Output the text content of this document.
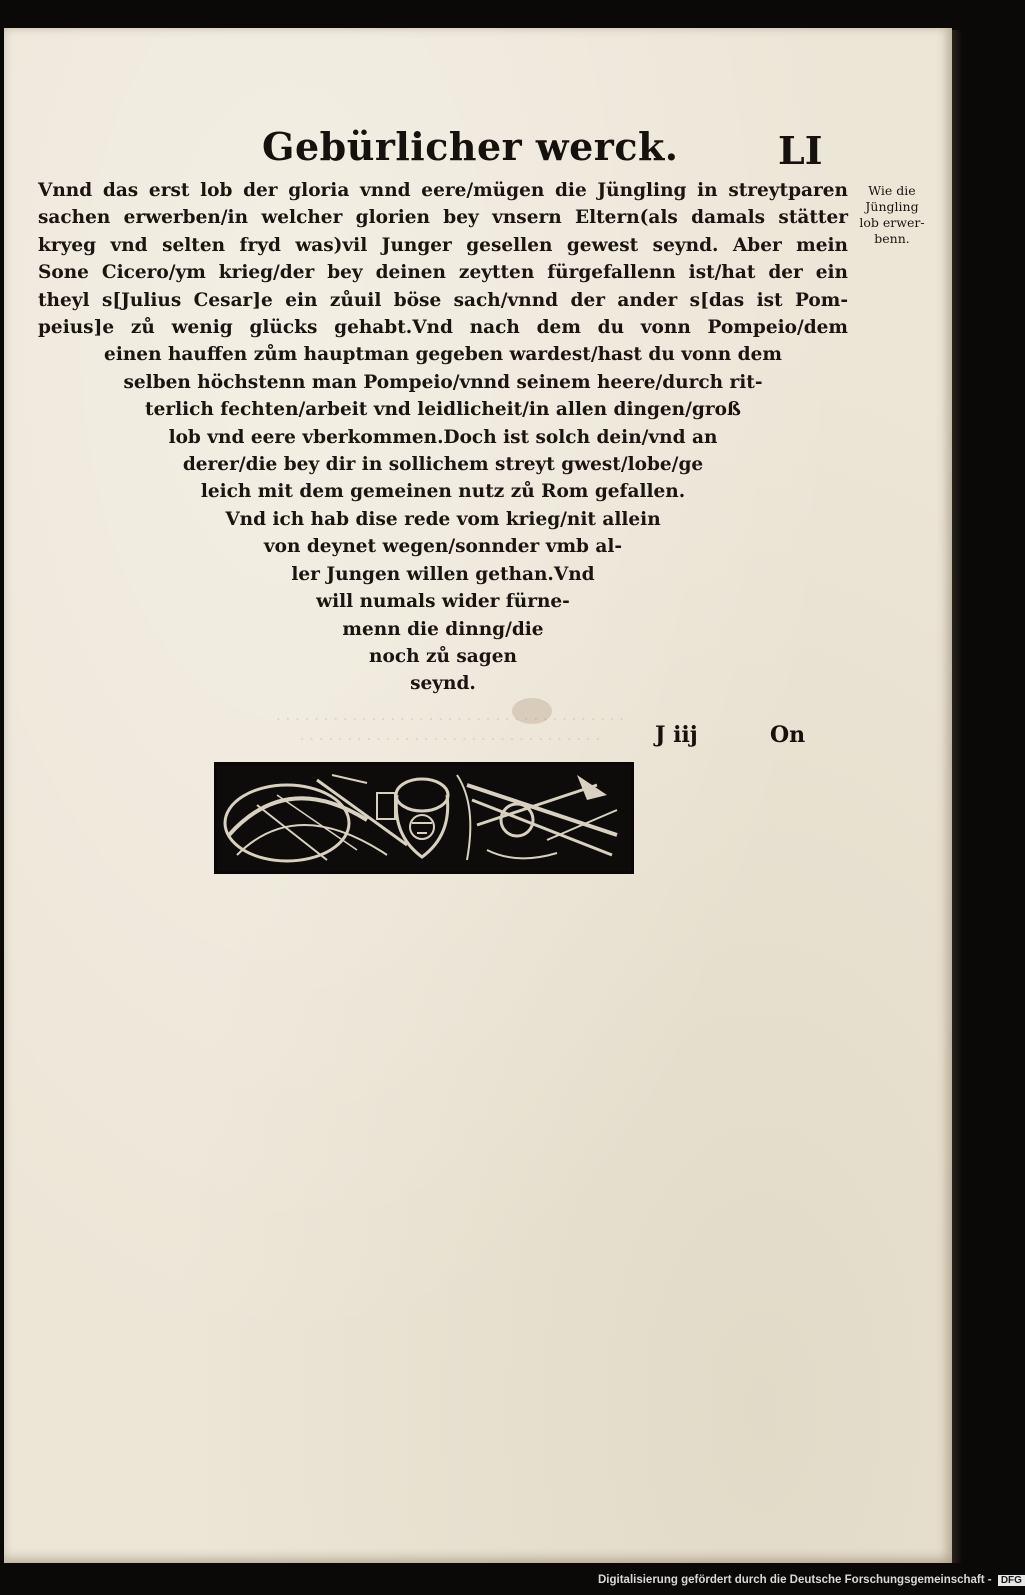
. . . . . . . . . . . . . . . . . . . . . . . . . . . . . . . . . . . . .
. . . . . . . . . . . . . . . . . . . . . . . . . . . . . . . .
Gebürlicher werck.	LI
Vnnd das erst lob der gloria vnnd eere/mügen die Jüngling in streytparen
sachen erwerben/in welcher glorien bey vnsern Eltern(als damals stätter
kryeg vnd selten fryd was)vil Junger gesellen gewest seynd. Aber mein
Sone Cicero/ym krieg/der bey deinen zeytten fürgefallenn ist/hat der ein
theyl s[Julius Cesar]e ein zůuil böse sach/vnnd der ander s[das ist Pom-
peius]e zů wenig glücks gehabt.Vnd nach dem du vonn Pompeio/dem
einen hauffen zům hauptman gegeben wardest/hast du vonn dem
selben höchstenn man Pompeio/vnnd seinem heere/durch rit-
terlich fechten/arbeit vnd leidlicheit/in allen dingen/groß
lob vnd eere vberkommen.Doch ist solch dein/vnd an
derer/die bey dir in sollichem streyt gwest/lobe/ge
leich mit dem gemeinen nutz zů Rom gefallen.
Vnd ich hab dise rede vom krieg/nit allein
von deynet wegen/sonnder vmb al-
ler Jungen willen gethan.Vnd
will numals wider fürne-
menn die dinng/die
noch zů sagen
seynd.
Wie die
Jüngling
lob erwer-
benn.
J iij	On
Digitalisierung gefördert durch die Deutsche Forschungsgemeinschaft - DFG
